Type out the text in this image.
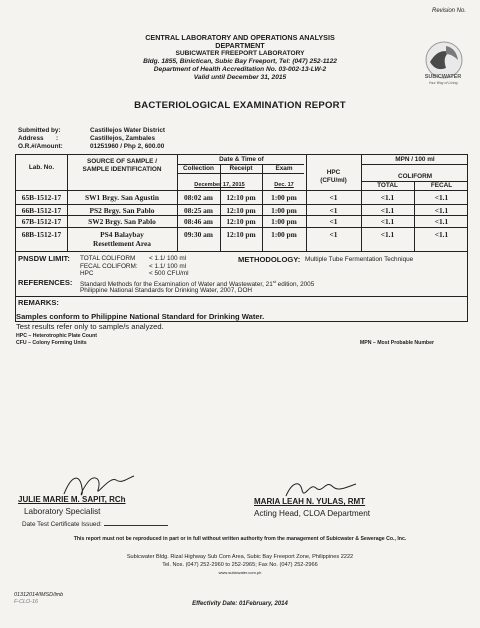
Revision No.
CENTRAL LABORATORY AND OPERATIONS ANALYSIS
DEPARTMENT
SUBICWATER FREEPORT LABORATORY
Bldg. 1855, Binictican, Subic Bay Freeport, Tel: (047) 252-1122
Department of Health Accreditation No. 03-002-13-LW-2
Valid until December 31, 2015	SUBICWATER
Your Way of Living
BACTERIOLOGICAL EXAMINATION REPORT
Submitted by:	Castillejos Water District
Address       :	Castillejos, Zambales
O.R.#/Amount:	01251960 / Php 2, 600.00
Lab. No.
SOURCE OF SAMPLE /
SAMPLE IDENTIFICATION
Date & Time of
Collection	Receipt	Exam
December 17, 2015	Dec. 17
HPC
(CFU/ml)
MPN / 100 ml
COLIFORM
TOTAL	FECAL
65B-1512-17	SW1 Brgy. San Agustin	08:02 am	12:10 pm	1:00 pm	<1	<1.1	<1.1
66B-1512-17	PS2 Brgy. San Pablo	08:25 am	12:10 pm	1:00 pm	<1	<1.1	<1.1
67B-1512-17	SW2 Brgy. San Pablo	08:46 am	12:10 pm	1:00 pm	<1	<1.1	<1.1
68B-1512-17	PS4 Balaybay
Resettlement Area
09:30 am	12:10 pm	1:00 pm	<1	<1.1	<1.1
PNSDW LIMIT: TOTAL COLIFORM < 1.1/ 100 ml
FECAL COLIFORM: < 1.1/ 100 ml
HPC	< 500 CFU/ml
METHODOLOGY: Multiple Tube Fermentation Technique
REFERENCES: Standard Methods for the Examination of Water and Wastewater, 21st edition, 2005
Philippine National Standards for Drinking Water, 2007, DOH
REMARKS:
Samples conform to Philippine National Standard for Drinking Water.
Test results refer only to sample/s analyzed.
HPC – Heterotrophic Plate Count
CFU – Colony Forming Units	MPN – Most Probable Number
JULIE MARIE M. SAPIT, RCh
Laboratory Specialist
MARIA LEAH N. YULAS, RMT
Acting Head, CLOA Department
Date Test Certificate Issued:
This report must not be reproduced in part or in full without written authority from the management of Subicwater & Sewerage Co., Inc.
Subicwater Bldg. Rizal Highway Sub Com Area, Subic Bay Freeport Zone, Philippines 2222
Tel. Nos. (047) 252-2960 to 252-2965; Fax No. (047) 252-2966
www.subicwater.com.ph
01312014/IMSD/lmb
F-CLO-16	Effectivity Date: 01February, 2014
